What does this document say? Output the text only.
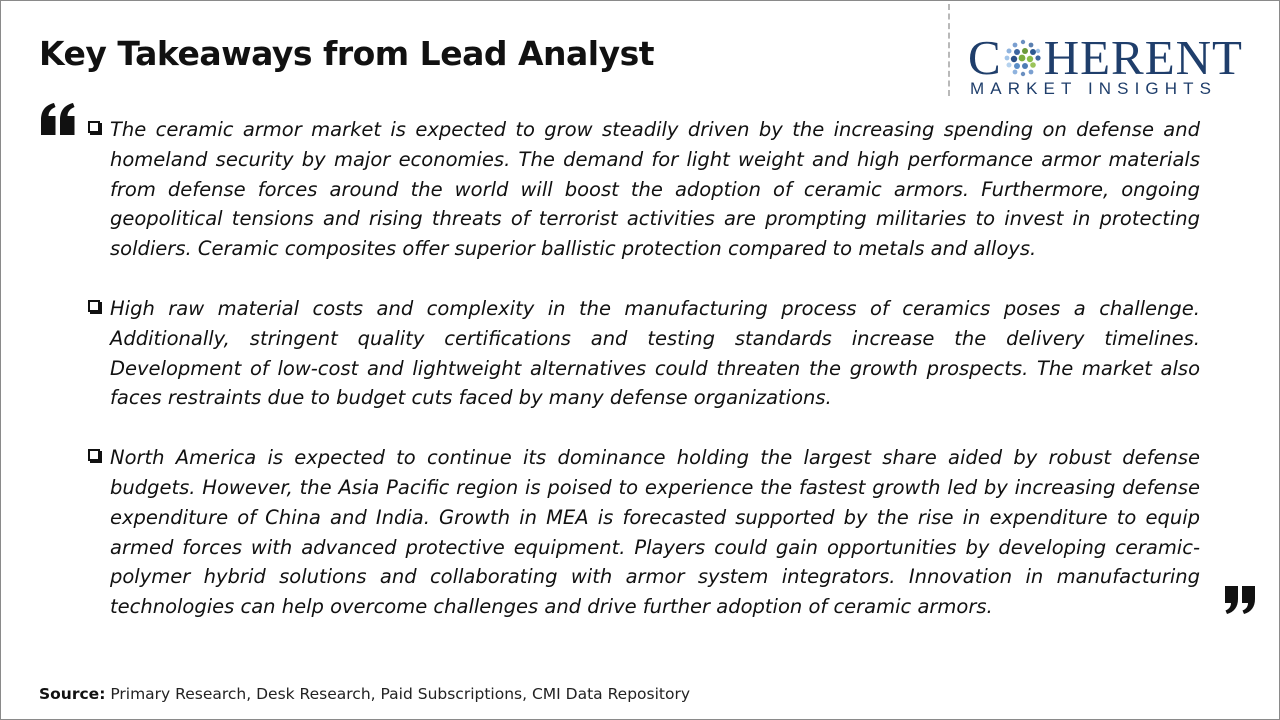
Key Takeaways from Lead Analyst	C HERENT
MARKET INSIGHTS

The ceramic armor market is expected to grow steadily driven by the increasing spending on defense and homeland security by major economies. The demand for light weight and high performance armor materials from defense forces around the world will boost the adoption of ceramic armors. Furthermore, ongoing geopolitical tensions and rising threats of terrorist activities are prompting militaries to invest in protecting soldiers. Ceramic composites offer superior ballistic protection compared to metals and alloys.

High raw material costs and complexity in the manufacturing process of ceramics poses a challenge. Additionally, stringent quality certifications and testing standards increase the delivery timelines. Development of low-cost and lightweight alternatives could threaten the growth prospects. The market also faces restraints due to budget cuts faced by many defense organizations.

North America is expected to continue its dominance holding the largest share aided by robust defense budgets. However, the Asia Pacific region is poised to experience the fastest growth led by increasing defense expenditure of China and India. Growth in MEA is forecasted supported by the rise in expenditure to equip armed forces with advanced protective equipment. Players could gain opportunities by developing ceramic-polymer hybrid solutions and collaborating with armor system integrators. Innovation in manufacturing technologies can help overcome challenges and drive further adoption of ceramic armors.

Source: Primary Research, Desk Research, Paid Subscriptions, CMI Data Repository
